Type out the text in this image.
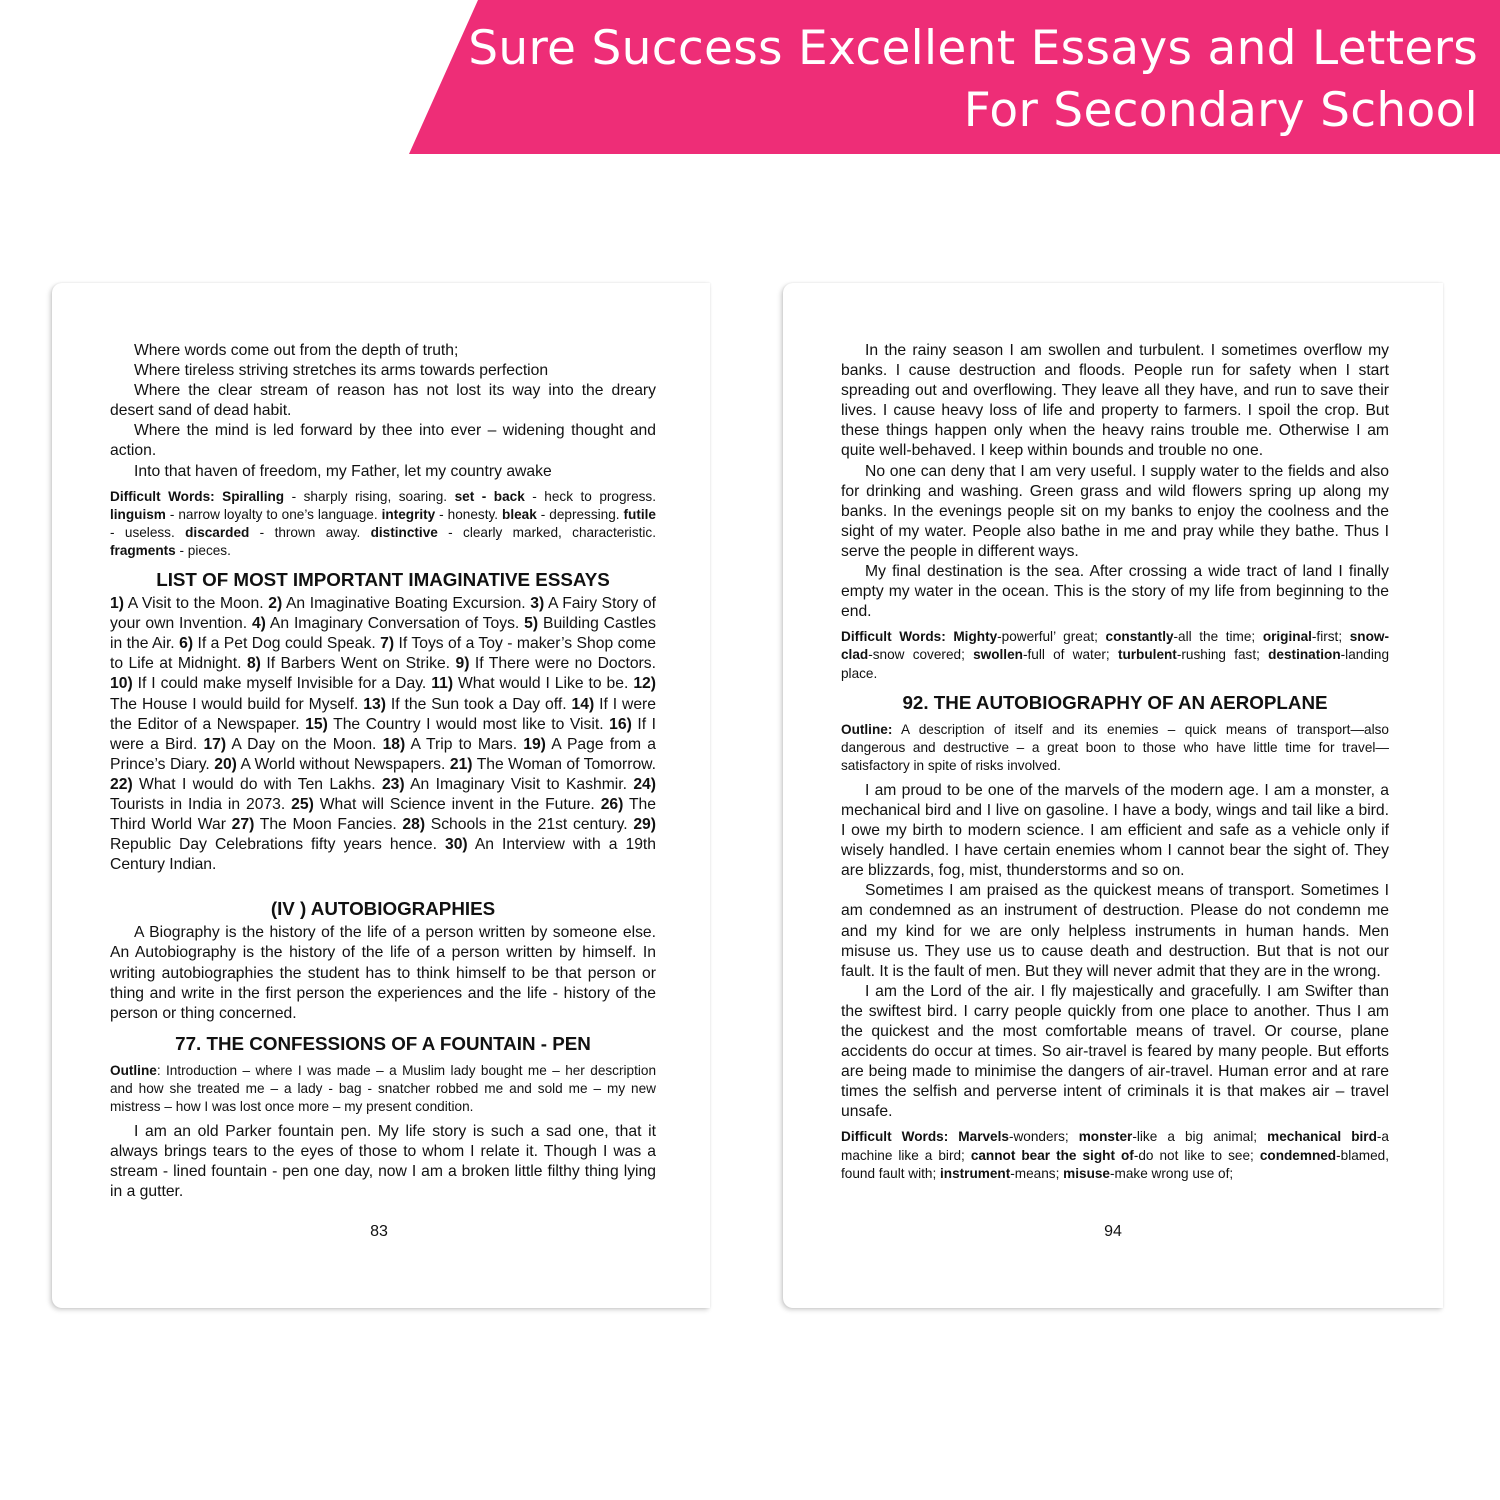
Sure Success Excellent Essays and Letters
For Secondary School

Where words come out from the depth of truth;

Where tireless striving stretches its arms towards perfection

Where the clear stream of reason has not lost its way into the dreary desert sand of dead habit.

Where the mind is led forward by thee into ever – widening thought and action.

Into that haven of freedom, my Father, let my country awake

Difficult Words: Spiralling - sharply rising, soaring. set - back - heck to progress. linguism - narrow loyalty to one’s language. integrity - honesty. bleak - depressing. futile - useless. discarded - thrown away. distinctive - clearly marked, characteristic. fragments - pieces.

LIST OF MOST IMPORTANT IMAGINATIVE ESSAYS

1) A Visit to the Moon. 2) An Imaginative Boating Excursion. 3) A Fairy Story of your own Invention. 4) An Imaginary Conversation of Toys. 5) Building Castles in the Air. 6) If a Pet Dog could Speak. 7) If Toys of a Toy - maker’s Shop come to Life at Midnight. 8) If Barbers Went on Strike. 9) If There were no Doctors. 10) If I could make myself Invisible for a Day. 11) What would I Like to be. 12) The House I would build for Myself. 13) If the Sun took a Day off. 14) If I were the Editor of a Newspaper. 15) The Country I would most like to Visit. 16) If I were a Bird. 17) A Day on the Moon. 18) A Trip to Mars. 19) A Page from a Prince’s Diary. 20) A World without Newspapers. 21) The Woman of Tomorrow. 22) What I would do with Ten Lakhs. 23) An Imaginary Visit to Kashmir. 24) Tourists in India in 2073. 25) What will Science invent in the Future. 26) The Third World War 27) The Moon Fancies. 28) Schools in the 21st century. 29) Republic Day Celebrations fifty years hence. 30) An Interview with a 19th Century Indian.

(IV ) AUTOBIOGRAPHIES

A Biography is the history of the life of a person written by someone else. An Autobiography is the history of the life of a person written by himself. In writing autobiographies the student has to think himself to be that person or thing and write in the first person the experiences and the life - history of the person or thing concerned.

77. THE CONFESSIONS OF A FOUNTAIN - PEN

Outline: Introduction – where I was made – a Muslim lady bought me – her description and how she treated me – a lady - bag - snatcher robbed me and sold me – my new mistress – how I was lost once more – my present condition.

I am an old Parker fountain pen. My life story is such a sad one, that it always brings tears to the eyes of those to whom I relate it. Though I was a stream - lined fountain - pen one day, now I am a broken little filthy thing lying in a gutter.

83

In the rainy season I am swollen and turbulent. I sometimes overflow my banks. I cause destruction and floods. People run for safety when I start spreading out and overflowing. They leave all they have, and run to save their lives. I cause heavy loss of life and property to farmers. I spoil the crop. But these things happen only when the heavy rains trouble me. Otherwise I am quite well-behaved. I keep within bounds and trouble no one.

No one can deny that I am very useful. I supply water to the fields and also for drinking and washing. Green grass and wild flowers spring up along my banks. In the evenings people sit on my banks to enjoy the coolness and the sight of my water. People also bathe in me and pray while they bathe. Thus I serve the people in different ways.

My final destination is the sea. After crossing a wide tract of land I finally empty my water in the ocean. This is the story of my life from beginning to the end.

Difficult Words: Mighty-powerful’ great; constantly-all the time; original-first; snow-clad-snow covered; swollen-full of water; turbulent-rushing fast; destination-landing place.

92. THE AUTOBIOGRAPHY OF AN AEROPLANE

Outline: A description of itself and its enemies – quick means of transport—also dangerous and destructive – a great boon to those who have little time for travel—satisfactory in spite of risks involved.

I am proud to be one of the marvels of the modern age. I am a monster, a mechanical bird and I live on gasoline. I have a body, wings and tail like a bird. I owe my birth to modern science. I am efficient and safe as a vehicle only if wisely handled. I have certain enemies whom I cannot bear the sight of. They are blizzards, fog, mist, thunderstorms and so on.

Sometimes I am praised as the quickest means of transport. Sometimes I am condemned as an instrument of destruction. Please do not condemn me and my kind for we are only helpless instruments in human hands. Men misuse us. They use us to cause death and destruction. But that is not our fault. It is the fault of men. But they will never admit that they are in the wrong.

I am the Lord of the air. I fly majestically and gracefully. I am Swifter than the swiftest bird. I carry people quickly from one place to another. Thus I am the quickest and the most comfortable means of travel. Or course, plane accidents do occur at times. So air-travel is feared by many people. But efforts are being made to minimise the dangers of air-travel. Human error and at rare times the selfish and perverse intent of criminals it is that makes air – travel unsafe.

Difficult Words: Marvels-wonders; monster-like a big animal; mechanical bird-a machine like a bird; cannot bear the sight of-do not like to see; condemned-blamed, found fault with; instrument-means; misuse-make wrong use of;

94
